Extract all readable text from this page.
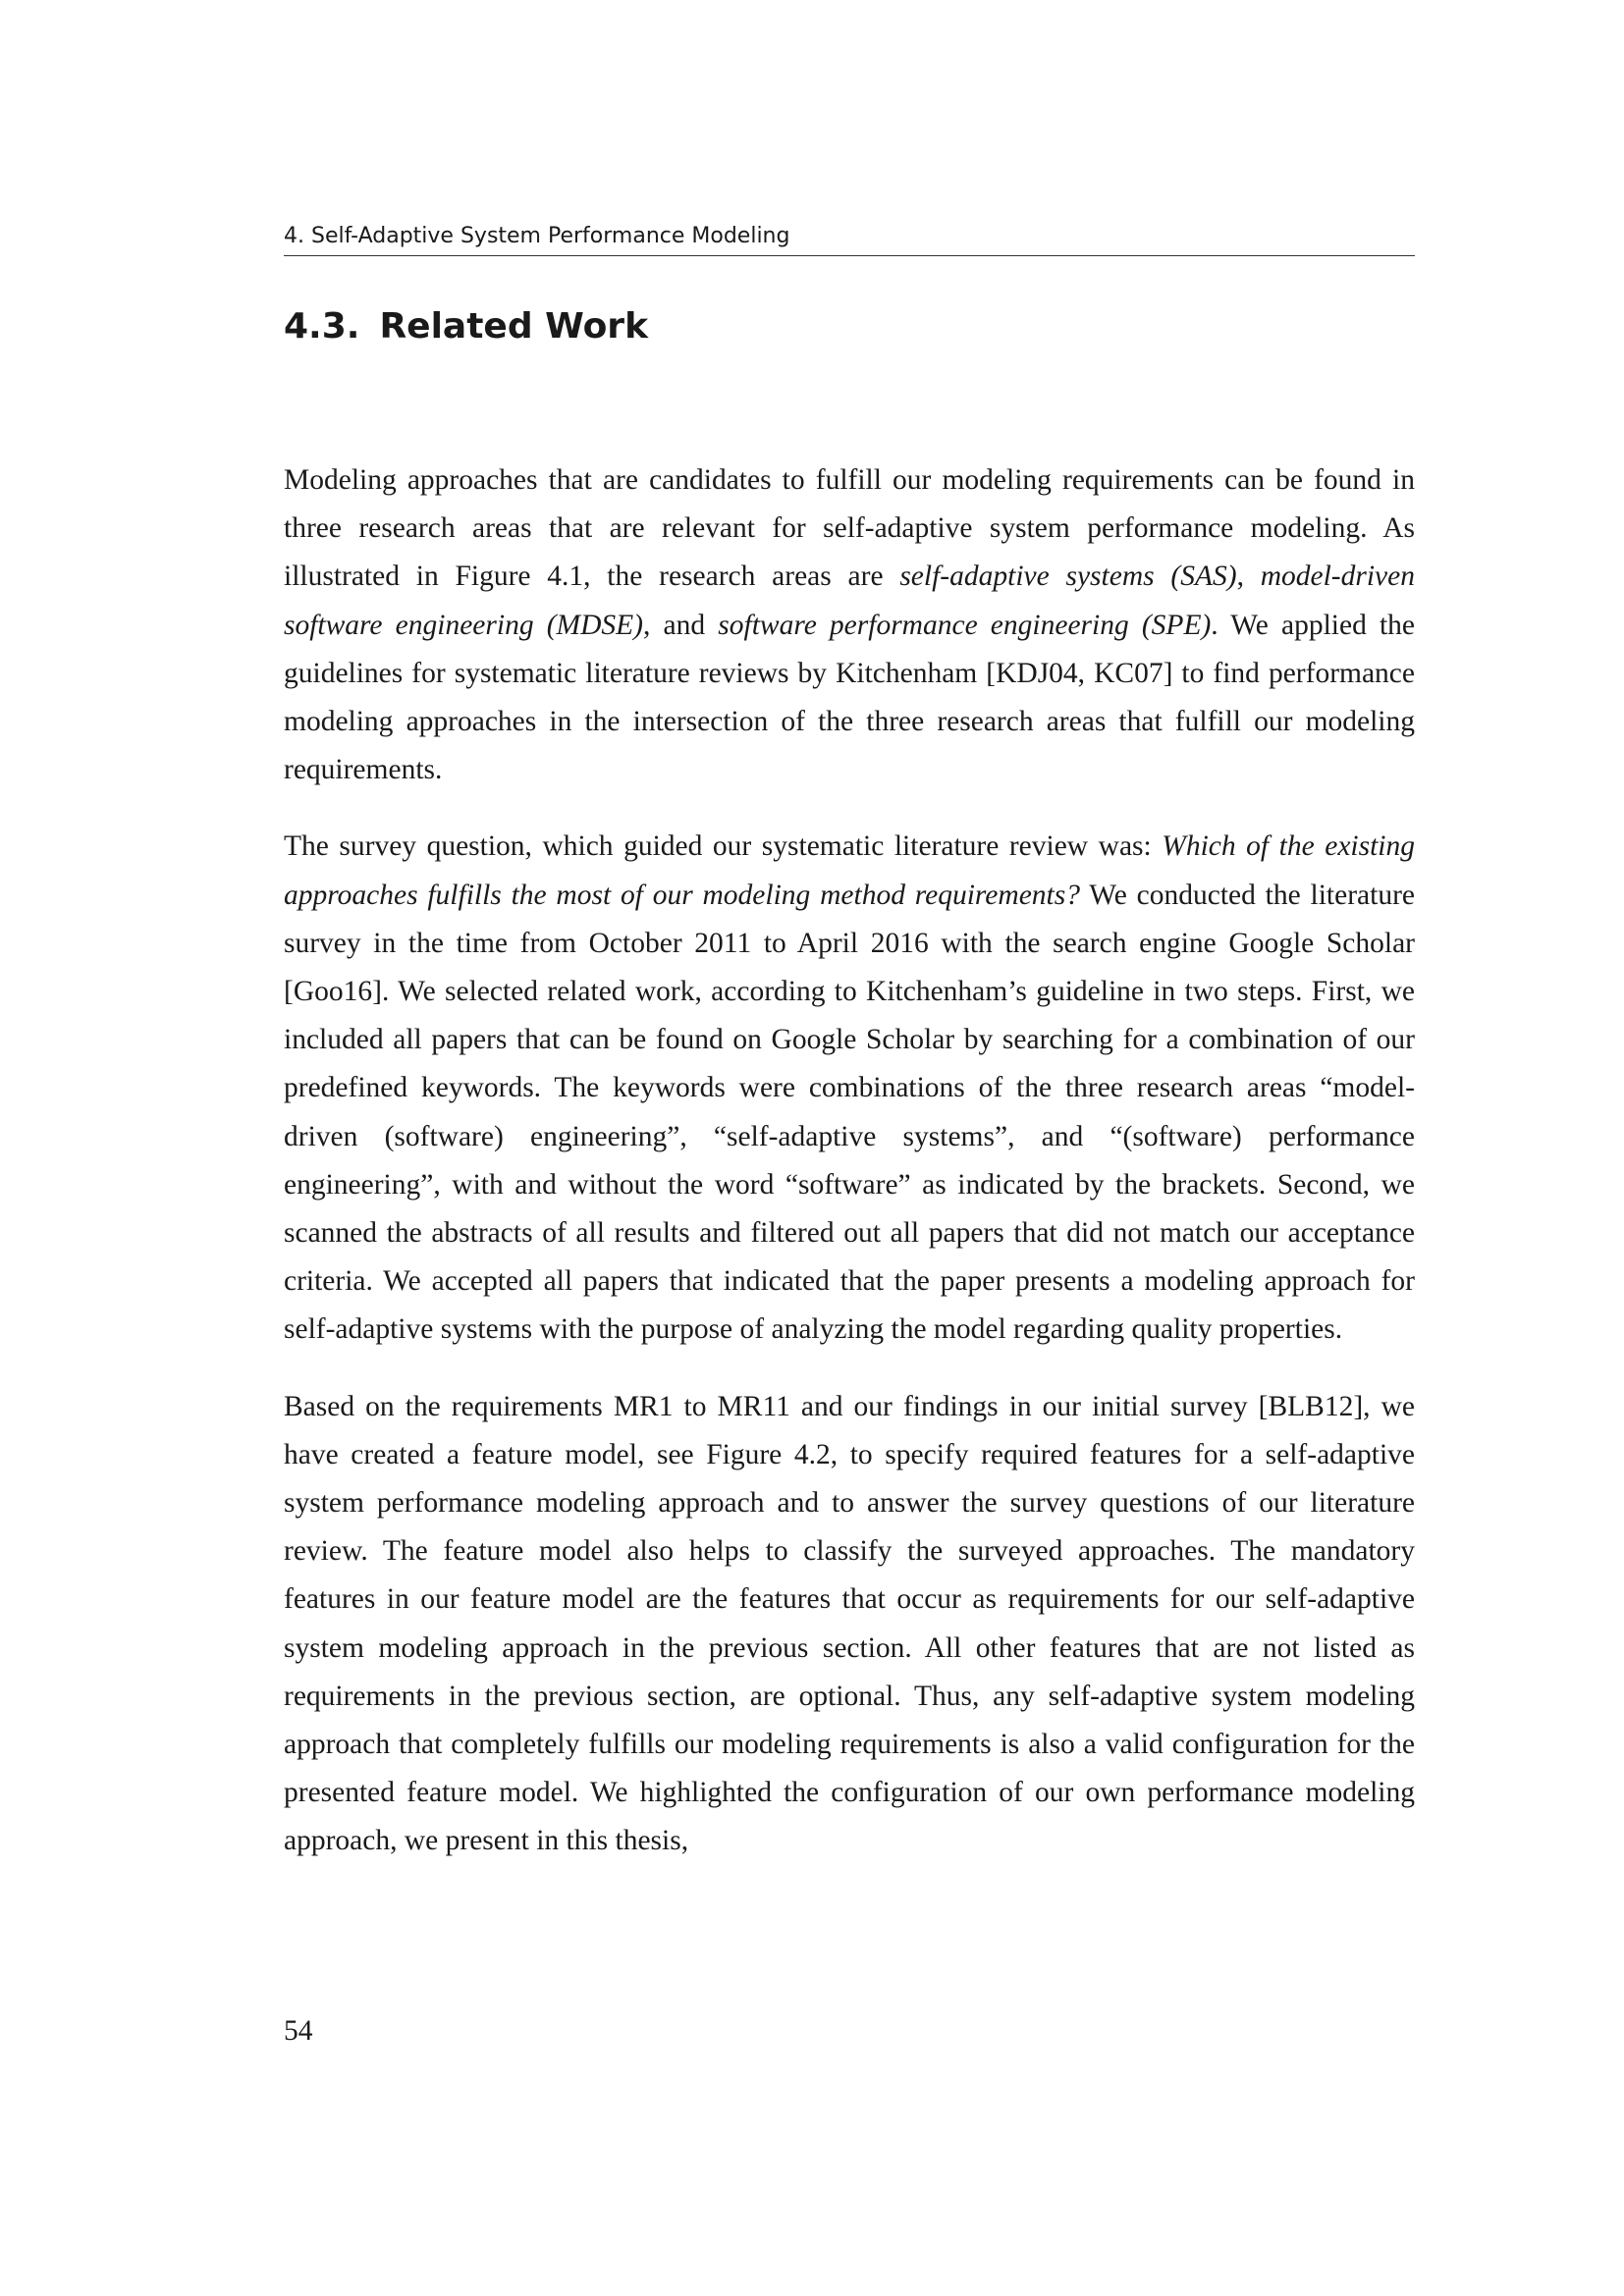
4. Self-Adaptive System Performance Modeling
4.3. Related Work

Modeling approaches that are candidates to fulfill our modeling requirements can be found in three research areas that are relevant for self-adaptive system performance modeling. As illustrated in Figure 4.1, the research areas are self-adaptive systems (SAS), model-driven software engineering (MDSE), and software performance engineering (SPE). We applied the guidelines for systematic literature reviews by Kitchenham [KDJ04, KC07] to find performance modeling approaches in the intersection of the three research areas that fulfill our modeling requirements.

The survey question, which guided our systematic literature review was: Which of the existing approaches fulfills the most of our modeling method requirements? We conducted the literature survey in the time from October 2011 to April 2016 with the search engine Google Scholar [Goo16]. We selected related work, according to Kitchenham’s guideline in two steps. First, we included all papers that can be found on Google Scholar by searching for a combination of our predefined keywords. The keywords were combinations of the three research areas “model-driven (software) engineering”, “self-adaptive systems”, and “(software) performance engineering”, with and without the word “software” as indicated by the brackets. Second, we scanned the abstracts of all results and filtered out all papers that did not match our acceptance criteria. We accepted all papers that indicated that the paper presents a modeling approach for self-adaptive systems with the purpose of analyzing the model regarding quality properties.

Based on the requirements MR1 to MR11 and our findings in our initial survey [BLB12], we have created a feature model, see Figure 4.2, to specify required features for a self-adaptive system performance modeling approach and to answer the survey questions of our literature review. The feature model also helps to classify the surveyed approaches. The mandatory features in our feature model are the features that occur as requirements for our self-adaptive system modeling approach in the previous section. All other features that are not listed as requirements in the previous section, are optional. Thus, any self-adaptive system modeling approach that completely fulfills our modeling requirements is also a valid configuration for the presented feature model. We highlighted the configuration of our own performance modeling approach, we present in this thesis,

54
